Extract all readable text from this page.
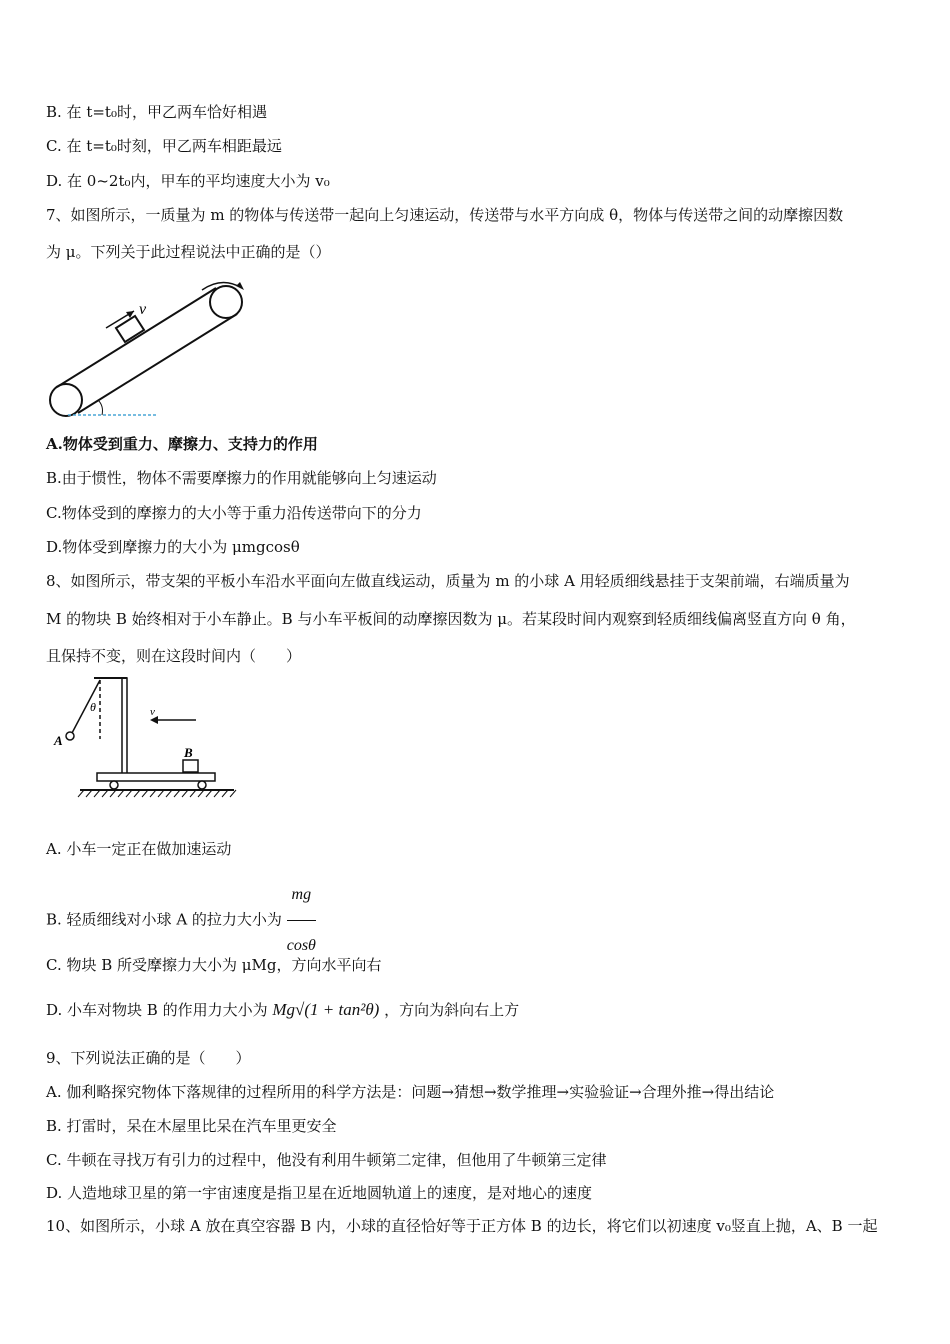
B. 在 t=t₀时，甲乙两车恰好相遇
C. 在 t=t₀时刻，甲乙两车相距最远
D. 在 0~2t₀内，甲车的平均速度大小为 v₀
7、如图所示，一质量为 m 的物体与传送带一起向上匀速运动，传送带与水平方向成 θ，物体与传送带之间的动摩擦因数
为 μ。下列关于此过程说法中正确的是（）
v
A.物体受到重力、摩擦力、支持力的作用
B.由于惯性，物体不需要摩擦力的作用就能够向上匀速运动
C.物体受到的摩擦力的大小等于重力沿传送带向下的分力
D.物体受到摩擦力的大小为 μmgcosθ
8、如图所示，带支架的平板小车沿水平面向左做直线运动，质量为 m 的小球 A 用轻质细线悬挂于支架前端，右端质量为
M 的物块 B 始终相对于小车静止。B 与小车平板间的动摩擦因数为 μ。若某段时间内观察到轻质细线偏离竖直方向 θ 角，
且保持不变，则在这段时间内（　　）
A
θ	v
B
A. 小车一定正在做加速运动
B. 轻质细线对小球 A 的拉力大小为 $\frac{mg}{\cos\theta}$
C. 物块 B 所受摩擦力大小为 μMg，方向水平向右
D. 小车对物块 B 的作用力大小为 Mg√(1 + tan²θ) ，方向为斜向右上方
9、下列说法正确的是（　　）
A. 伽利略探究物体下落规律的过程所用的科学方法是：问题→猜想→数学推理→实验验证→合理外推→得出结论
B. 打雷时，呆在木屋里比呆在汽车里更安全
C. 牛顿在寻找万有引力的过程中，他没有利用牛顿第二定律，但他用了牛顿第三定律
D. 人造地球卫星的第一宇宙速度是指卫星在近地圆轨道上的速度，是对地心的速度
10、如图所示，小球 A 放在真空容器 B 内，小球的直径恰好等于正方体 B 的边长，将它们以初速度 v₀竖直上抛，A、B 一起
